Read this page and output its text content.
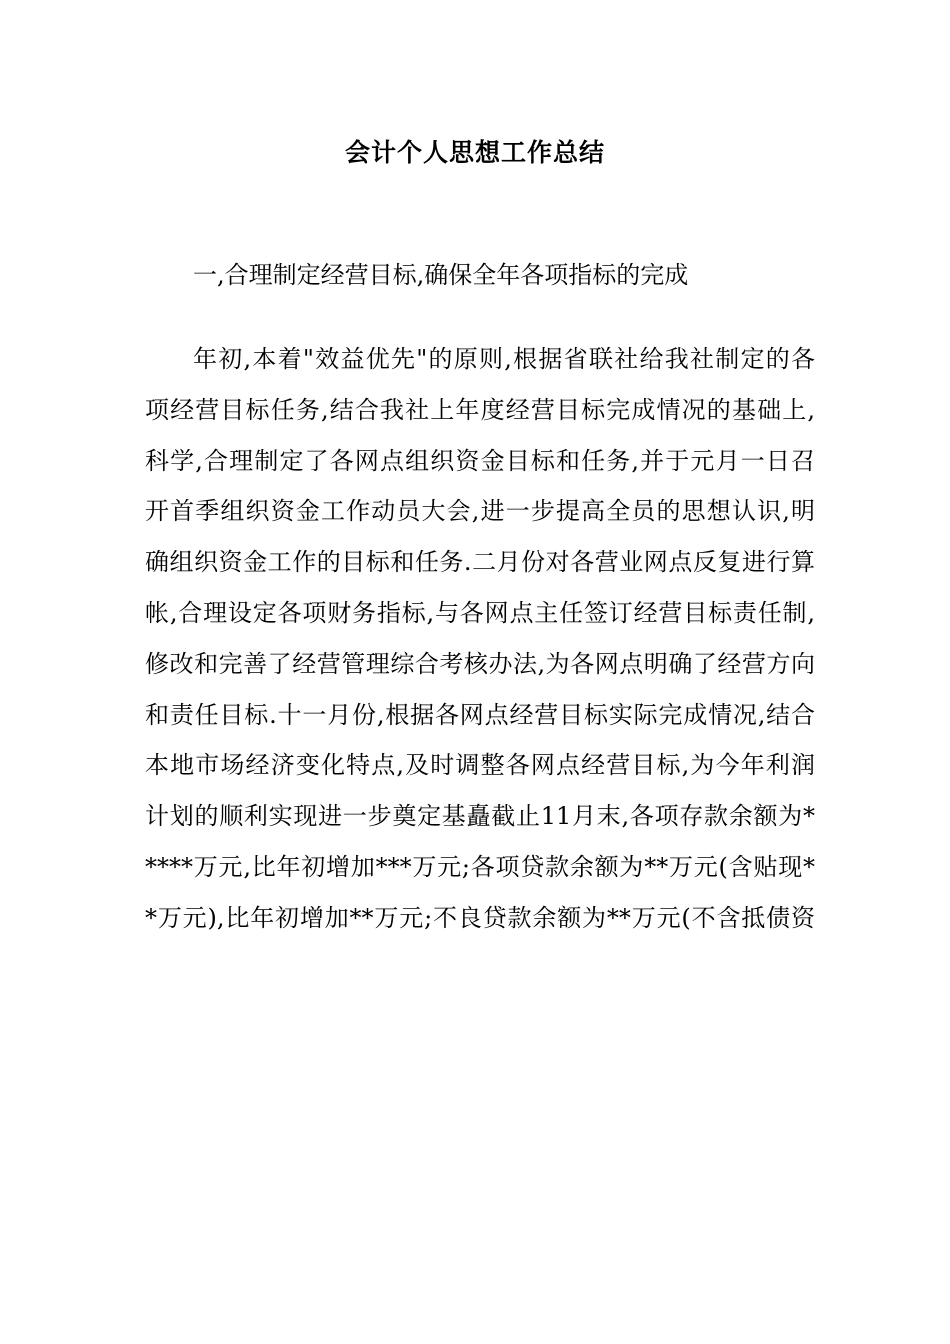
会计个人思想工作总结
一,合理制定经营目标,确保全年各项指标的完成
年初,本着"效益优先"的原则,根据省联社给我社制定的各
项经营目标任务,结合我社上年度经营目标完成情况的基础上,
科学,合理制定了各网点组织资金目标和任务,并于元月一日召
开首季组织资金工作动员大会,进一步提高全员的思想认识,明
确组织资金工作的目标和任务.二月份对各营业网点反复进行算
帐,合理设定各项财务指标,与各网点主任签订经营目标责任制,
修改和完善了经营管理综合考核办法,为各网点明确了经营方向
和责任目标.十一月份,根据各网点经营目标实际完成情况,结合
本地市场经济变化特点,及时调整各网点经营目标,为今年利润
计划的顺利实现进一步奠定基矗截止11月末,各项存款余额为*
****万元,比年初增加***万元;各项贷款余额为**万元(含贴现*
*万元),比年初增加**万元;不良贷款余额为**万元(不含抵债资
